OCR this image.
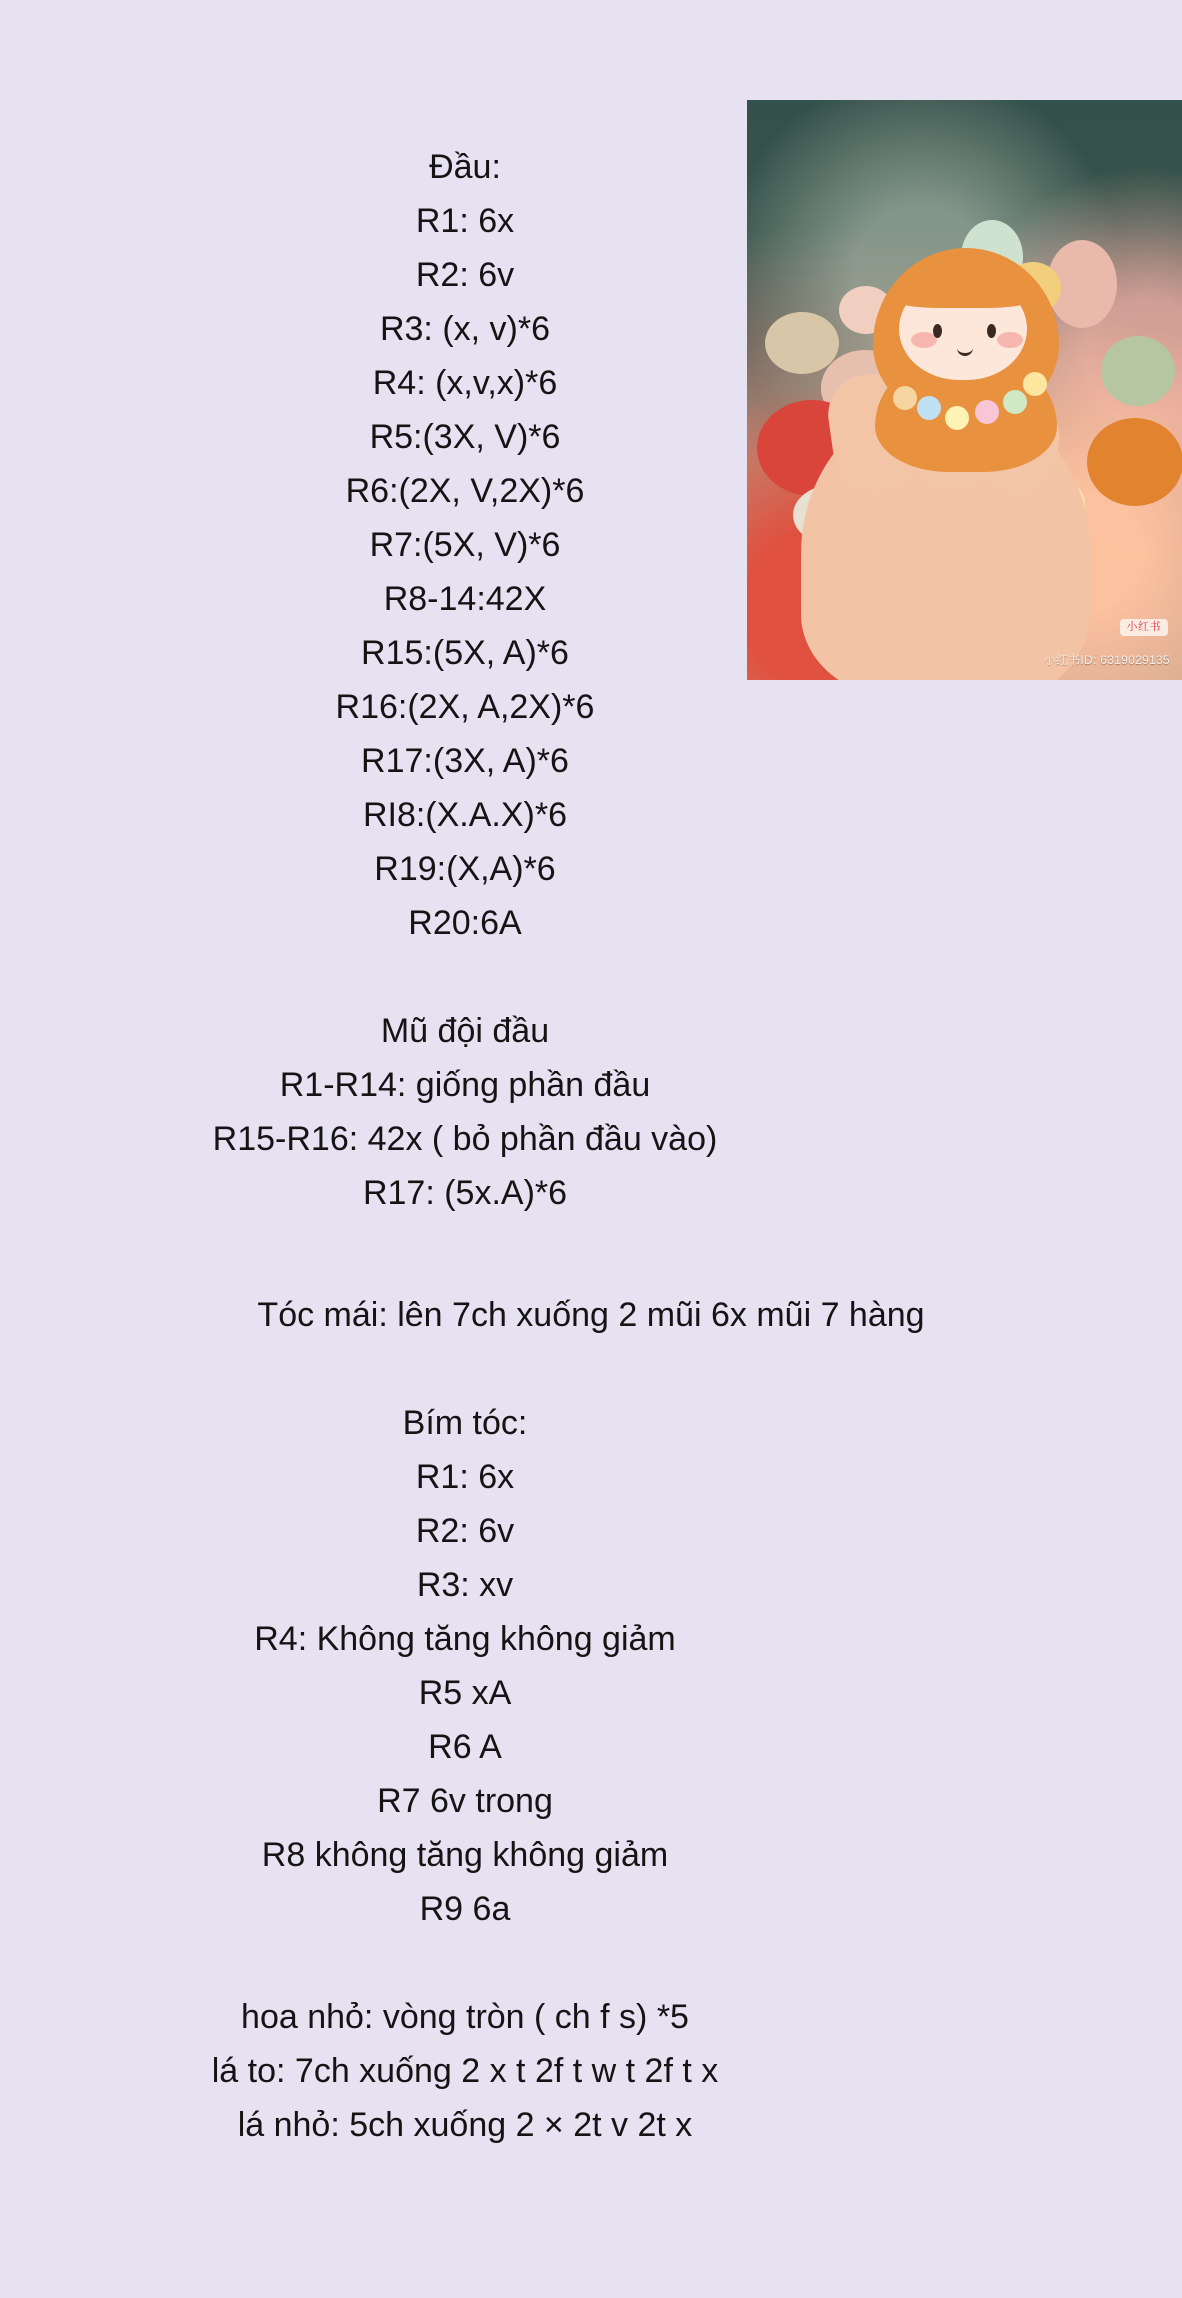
小红书
小红书ID: 6319029135
Đầu:
R1: 6x
R2: 6v
R3: (x, v)*6
R4: (x,v,x)*6
R5:(3X, V)*6
R6:(2X, V,2X)*6
R7:(5X, V)*6
R8-14:42X
R15:(5X, A)*6
R16:(2X, A,2X)*6
R17:(3X, A)*6
RI8:(X.A.X)*6
R19:(X,A)*6
R20:6A
Mũ đội đầu
R1-R14: giống phần đầu
R15-R16: 42x ( bỏ phần đầu vào)
R17: (5x.A)*6
Tóc mái: lên 7ch xuống 2 mũi 6x mũi 7 hàng
Bím tóc:
R1: 6x
R2: 6v
R3: xv
R4: Không tăng không giảm
R5 xA
R6 A
R7 6v trong
R8 không tăng không giảm
R9 6a
hoa nhỏ: vòng tròn ( ch f s) *5
lá to: 7ch xuống 2 x t 2f t w t 2f t x
lá nhỏ: 5ch xuống 2 × 2t v 2t x
